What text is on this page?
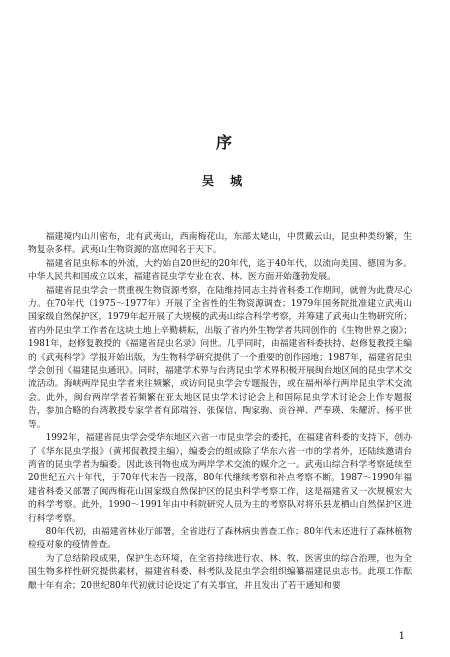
序
吴 城

福建境内山川密布，北有武夷山，西南梅花山，东部太姥山，中贯戴云山，昆虫种类纷繁，生物复杂多样。武夷山生物资源的富庶闻名于天下。

福建省昆虫标本的外流，大约始自20世纪的20年代，迄于40年代，以流向美国、德国为多。中华人民共和国成立以来，福建省昆虫学专业在农、林、医方面开始蓬勃发展。

福建省昆虫学会一贯重视生物资源考察，在陆维持同志主持省科委工作期间，就曾为此费尽心力。在70年代（1975～1977年）开展了全省性的生物资源调查；1979年国务院批准建立武夷山国家级自然保护区，1979年起开展了大规模的武夷山综合科学考察，并筹建了武夷山生物研究所；省内外昆虫学工作者在这块土地上辛勤耕耘，出版了省内外生物学者共同创作的《生物世界之窗》；1981年，赵修复教授的《福建省昆虫名录》问世。几乎同时，由福建省科委扶持、赵修复教授主编的《武夷科学》学报开始出版，为生物科学研究提供了一个重要的创作园地；1987年，福建省昆虫学会创刊《福建昆虫通讯》。同时，福建学术界与台湾昆虫学术界积极开展闽台地区间的昆虫学术交流活动。海峡两岸昆虫学者来往频繁，或访问昆虫学会专题报告，或在福州举行两岸昆虫学术交流会。此外，闽台两岸学者若频繁在亚太地区昆虫学术讨论会上和国际昆虫学术讨论会上作专题报告，参加合略的台湾教授专家学者有邱瑞谷、张保信、陶家驹、贡谷禅、严奉瑛、朱耀沂、杨平世等。

1992年，福建省昆虫学会受华东地区六省一市昆虫学会的委托，在福建省科委的支持下，创办了《华东昆虫学报》（黄邦侃教授主编），编委会的组成除了华东六省一市的学者外，还陆续邀请台湾省的昆虫学者为编委。因此该刊物也成为两岸学术交流的媒介之一。武夷山综合科学考察延续至20世纪五六十年代，于70年代末告一段落，80年代继续考察和补点考察不断。1987～1990年福建省科委又部署了闽西梅花山国家级自然保护区的昆虫科学考察工作，这是福建省又一次规模宏大的科学考察。此外，1990～1991年由中科院研究人员为主的考察队对将乐县龙栖山自然保护区进行科学考察。

80年代初，由福建省林业厅部署，全省进行了森林病虫普查工作；80年代末还进行了森林植物检疫对象的疫情普查。

为了总结阶段成果，保护生态环境，在全省持续进行农、林、牧、医害虫的综合治理，也为全国生物多样性研究提供素材，福建省科委、科考队及昆虫学会组织编纂福建昆虫志书。此项工作酝酿十年有余；20世纪80年代初就讨论设定了有关事宜，并且发出了若干通知和要

1
